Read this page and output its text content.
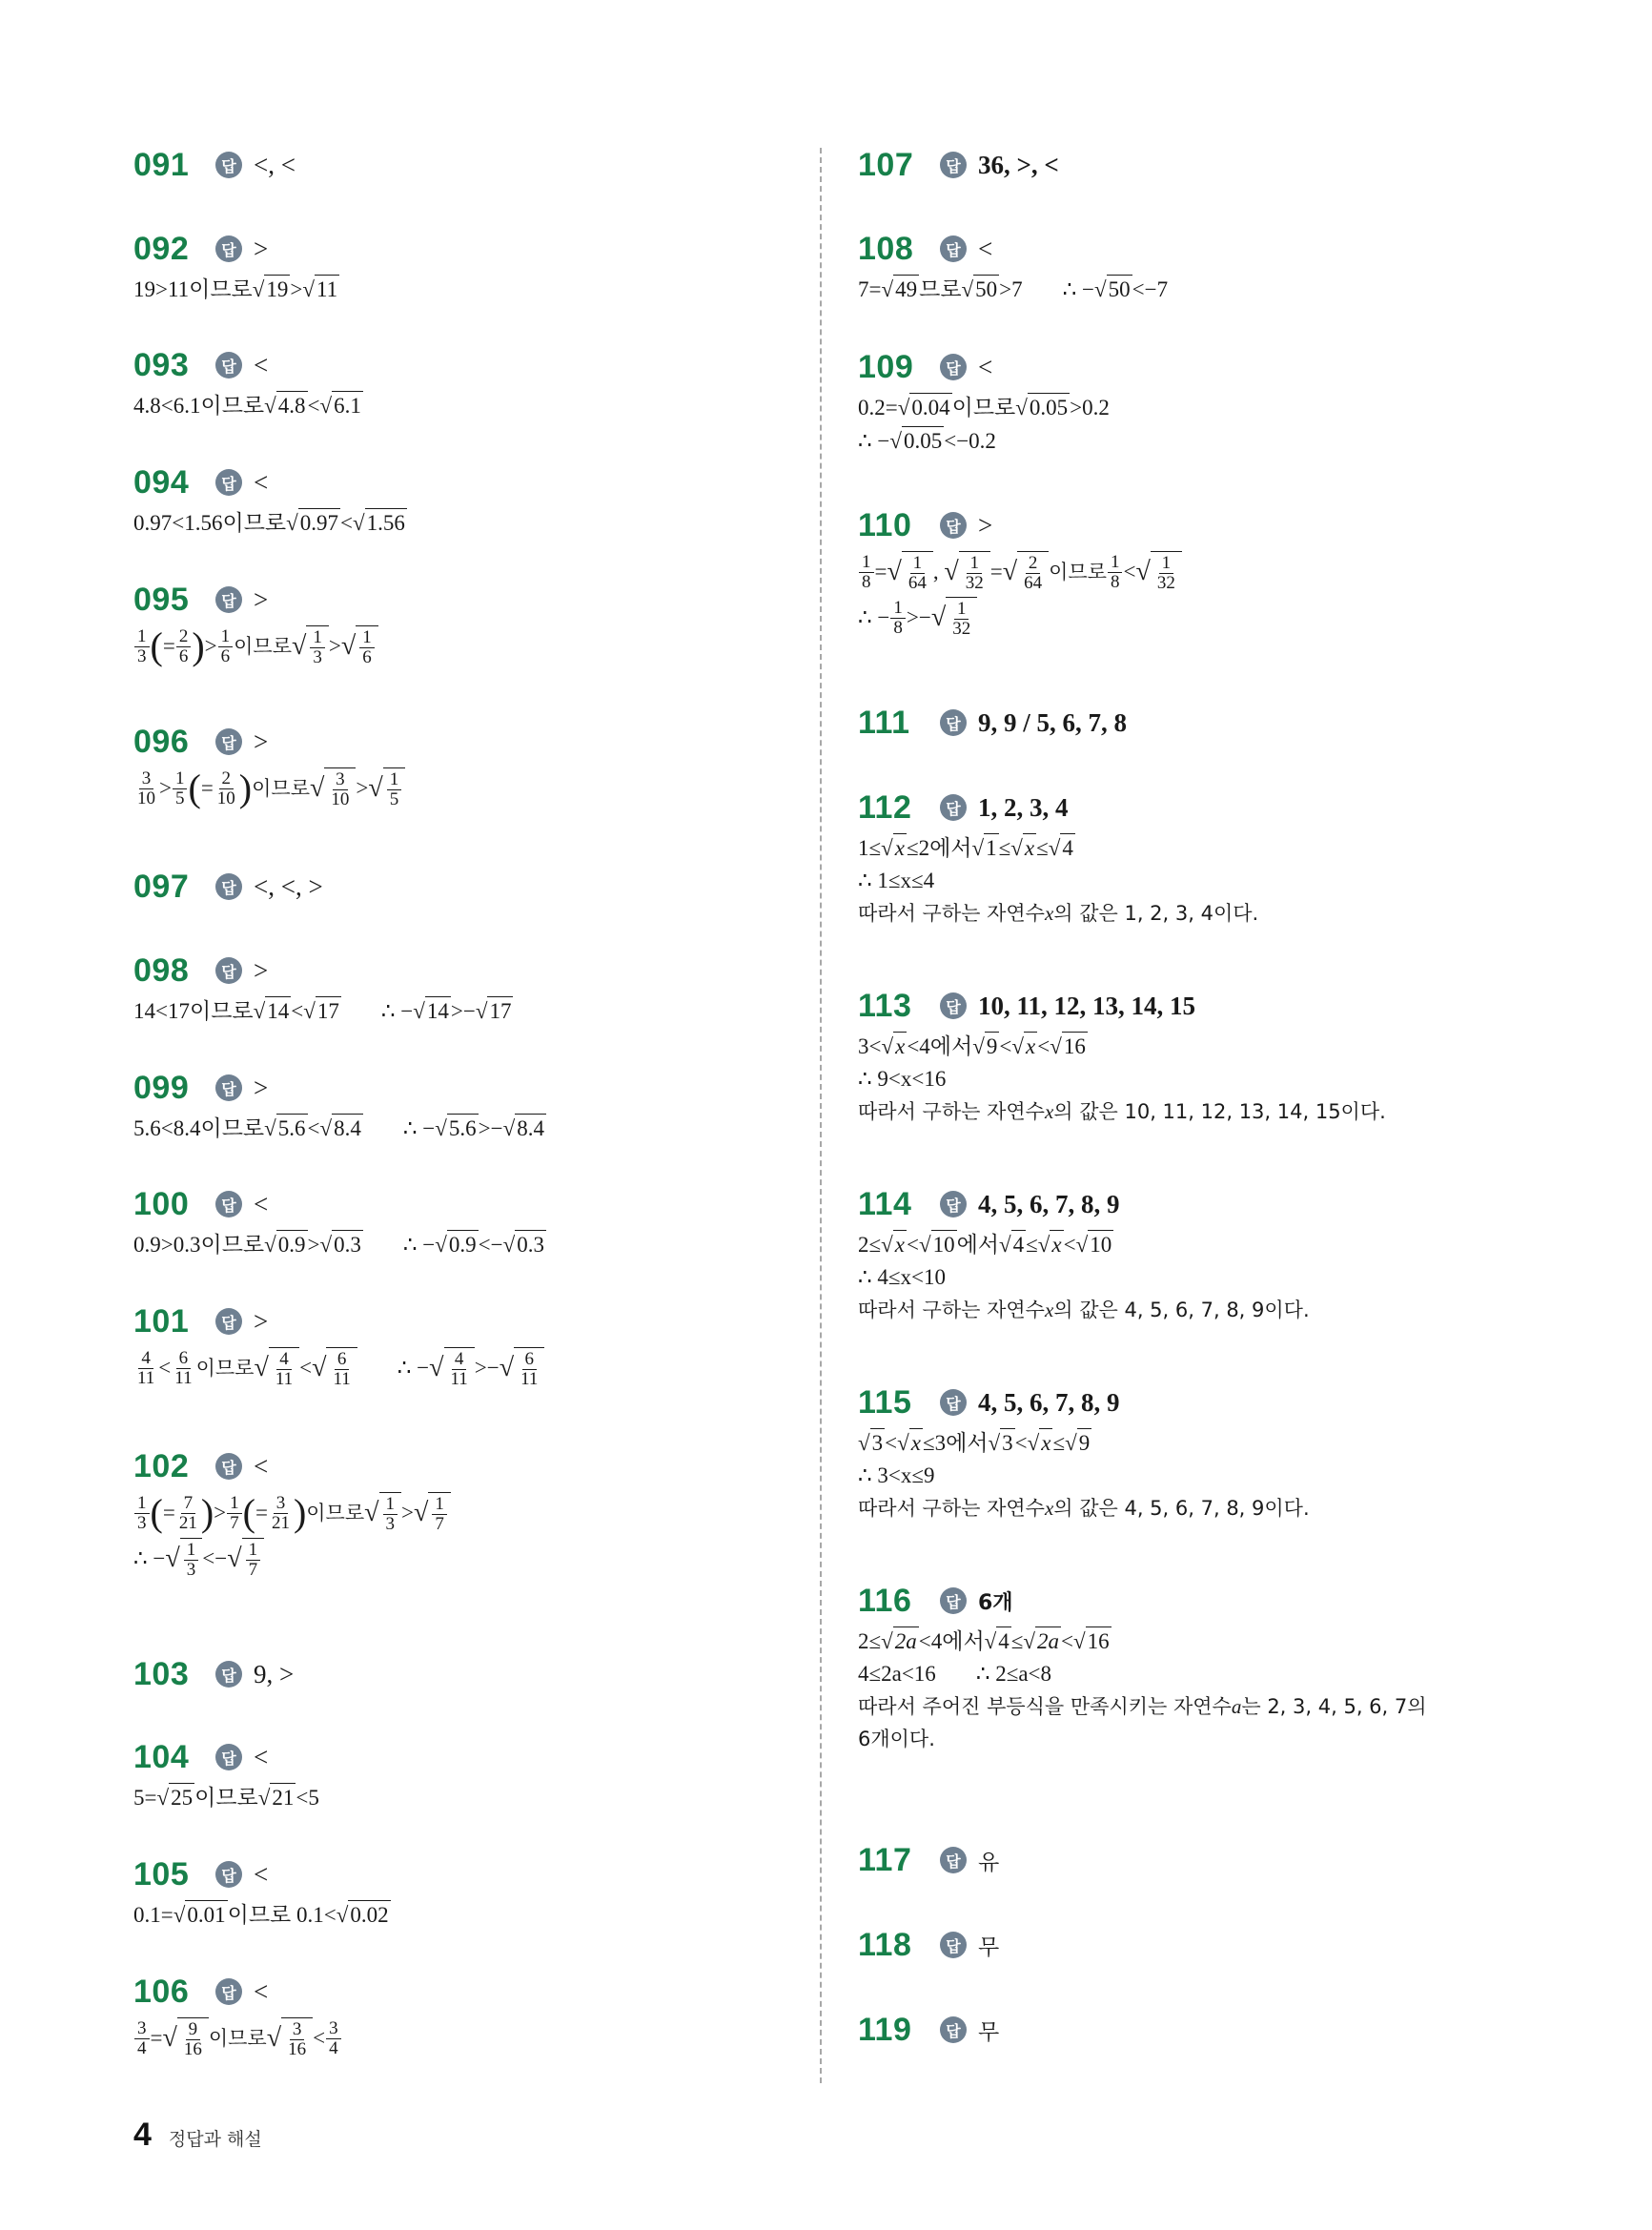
091	답 <, <
092	답 >
19>11이므로 √ 19 > √ 11
093	답 <
4.8<6.1이므로 √ 4.8 < √ 6.1
094	답 <
0.97<1.56이므로 √ 0.97 < √ 1.56
095	답 >
$\frac{1}{3}$ ( = $\frac{2}{6}$ ) > $\frac{1}{6}$ 이므로 √ $\frac{1}{3}$ > √ $\frac{1}{6}$
096	답 >
$\frac{3}{10} > \frac{1}{5}$ ( = $\frac{2}{10}$ ) 이므로 √ $\frac{3}{10}$ > √ $\frac{1}{5}$
097	답 <, <, >
098	답 >
14<17이므로 √ 14 < √ 17 ∴ − √ 14 >− √ 17
099	답 >
5.6<8.4이므로 √ 5.6 < √ 8.4 ∴ − √ 5.6 >− √ 8.4
100	답 <
0.9>0.3이므로 √ 0.9 > √ 0.3 ∴ − √ 0.9 <− √ 0.3
101	답 >
$\frac{4}{11} < \frac{6}{11}$ 이므로 √ $\frac{4}{11}$ < √ $\frac{6}{11}$ ∴ − √ $\frac{4}{11}$ >− √ $\frac{6}{11}$
102	답 <
$\frac{1}{3}$ ( = $\frac{7}{21}$ ) > $\frac{1}{7}$ ( = $\frac{3}{21}$ ) 이므로 √ $\frac{1}{3}$ > √ $\frac{1}{7}$
∴ − √ $\frac{1}{3}$ <− √ $\frac{1}{7}$
103	답 9, >
104	답 <
5= √ 25 이므로 √ 21 <5
105	답 <
0.1= √ 0.01 이므로 0.1< √ 0.02
106	답 <
$\frac{3}{4}$ = √ $\frac{9}{16}$ 이므로 √ $\frac{3}{16} < \frac{3}{4}$
107	답 36, >, <
108	답 <
7= √ 49 므로 √ 50 >7 ∴ − √ 50 <−7
109	답 <
0.2= √ 0.04 이므로 √ 0.05 >0.2
∴ − √ 0.05 <−0.2
110	답 >
$\frac{1}{8}$ = √ $\frac{1}{64}$ , √ $\frac{1}{32}$ = √ $\frac{2}{64}$ 이므로 $\frac{1}{8}$ < √ $\frac{1}{32}$
∴ − $\frac{1}{8}$ >− √ $\frac{1}{32}$
111	답 9, 9 / 5, 6, 7, 8
112	답 1, 2, 3, 4
1≤ √ x ≤2에서 √ 1 ≤ √ x ≤ √ 4
∴ 1≤x≤4
따라서 구하는 자연수 x 의 값은 1, 2, 3, 4이다.
113	답 10, 11, 12, 13, 14, 15
3< √ x <4에서 √ 9 < √ x < √ 16
∴ 9<x<16
따라서 구하는 자연수 x 의 값은 10, 11, 12, 13, 14, 15이다.
114	답 4, 5, 6, 7, 8, 9
2≤ √ x < √ 10 에서 √ 4 ≤ √ x < √ 10
∴ 4≤x<10
따라서 구하는 자연수 x 의 값은 4, 5, 6, 7, 8, 9이다.
115	답 4, 5, 6, 7, 8, 9
√ 3 < √ x ≤3에서 √ 3 < √ x ≤ √ 9
∴ 3<x≤9
따라서 구하는 자연수 x 의 값은 4, 5, 6, 7, 8, 9이다.
116	답 6개
2≤ √ 2a <4에서 √ 4 ≤ √ 2a < √ 16
4≤2a<16 ∴ 2≤a<8
따라서 주어진 부등식을 만족시키는 자연수 a 는 2, 3, 4, 5, 6, 7의
6개이다.
117	답 유
118	답 무
119	답 무
4 정답과 해설
